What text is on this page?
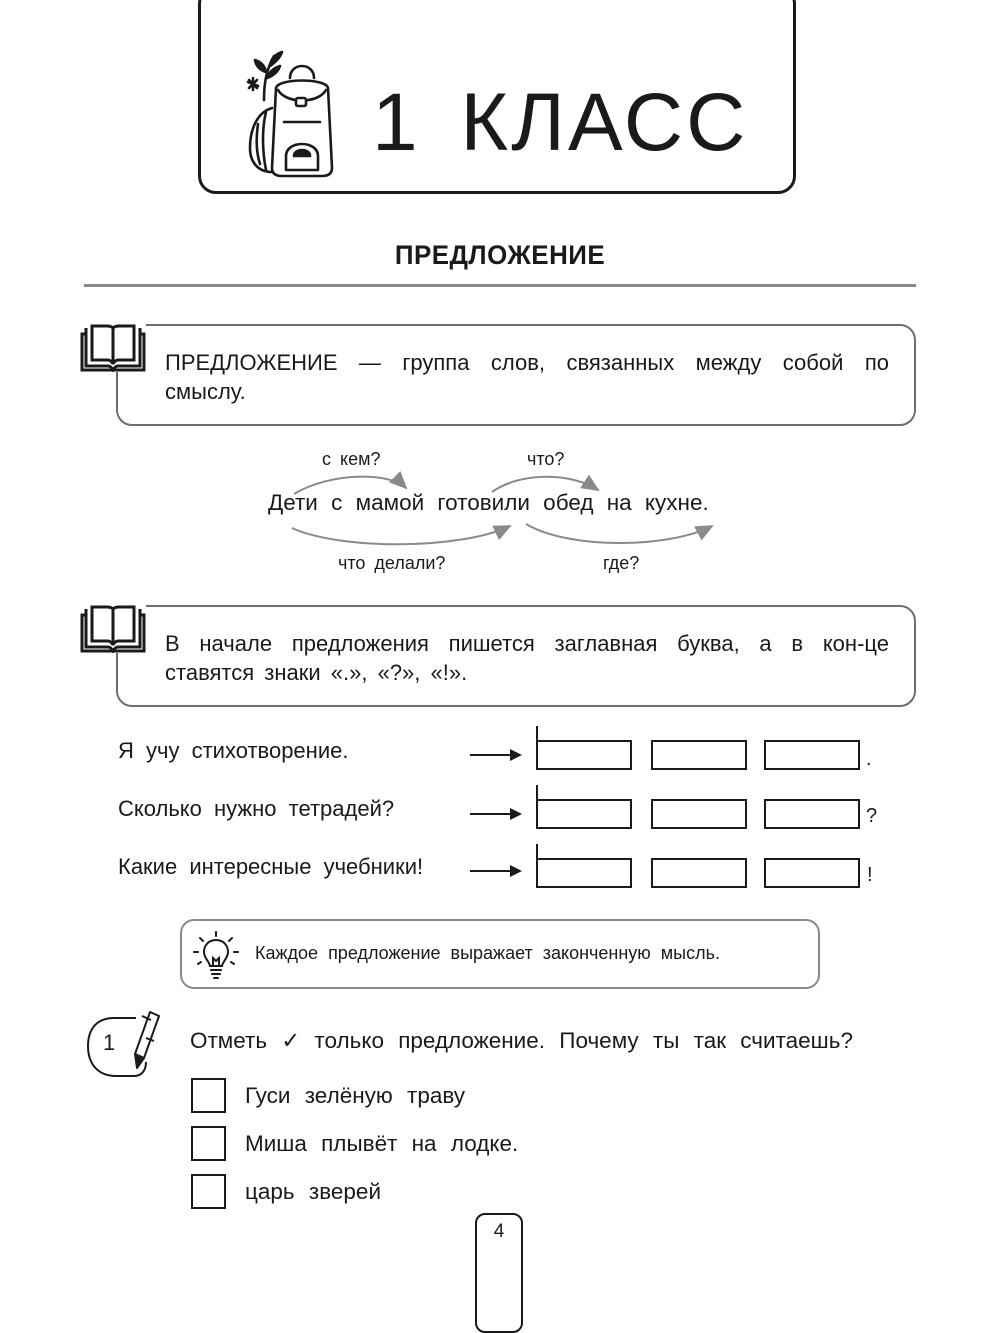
1 КЛАСС
ПРЕДЛОЖЕНИЕ
ПРЕДЛОЖЕНИЕ — группа слов, связанных между собой по смыслу.
с кем?	что?
Дети с мамой готовили обед на кухне.
что делали?	где?
В начале предложения пишется заглавная буква, а в кон-це ставятся знаки «.», «?», «!».
Я учу стихотворение.	.
Сколько нужно тетрадей?	?
Какие интересные учебники!	!
Каждое предложение выражает законченную мысль.
1	Отметь ✓ только предложение. Почему ты так считаешь?
Гуси зелёную траву
Миша плывёт на лодке.
царь зверей
4
